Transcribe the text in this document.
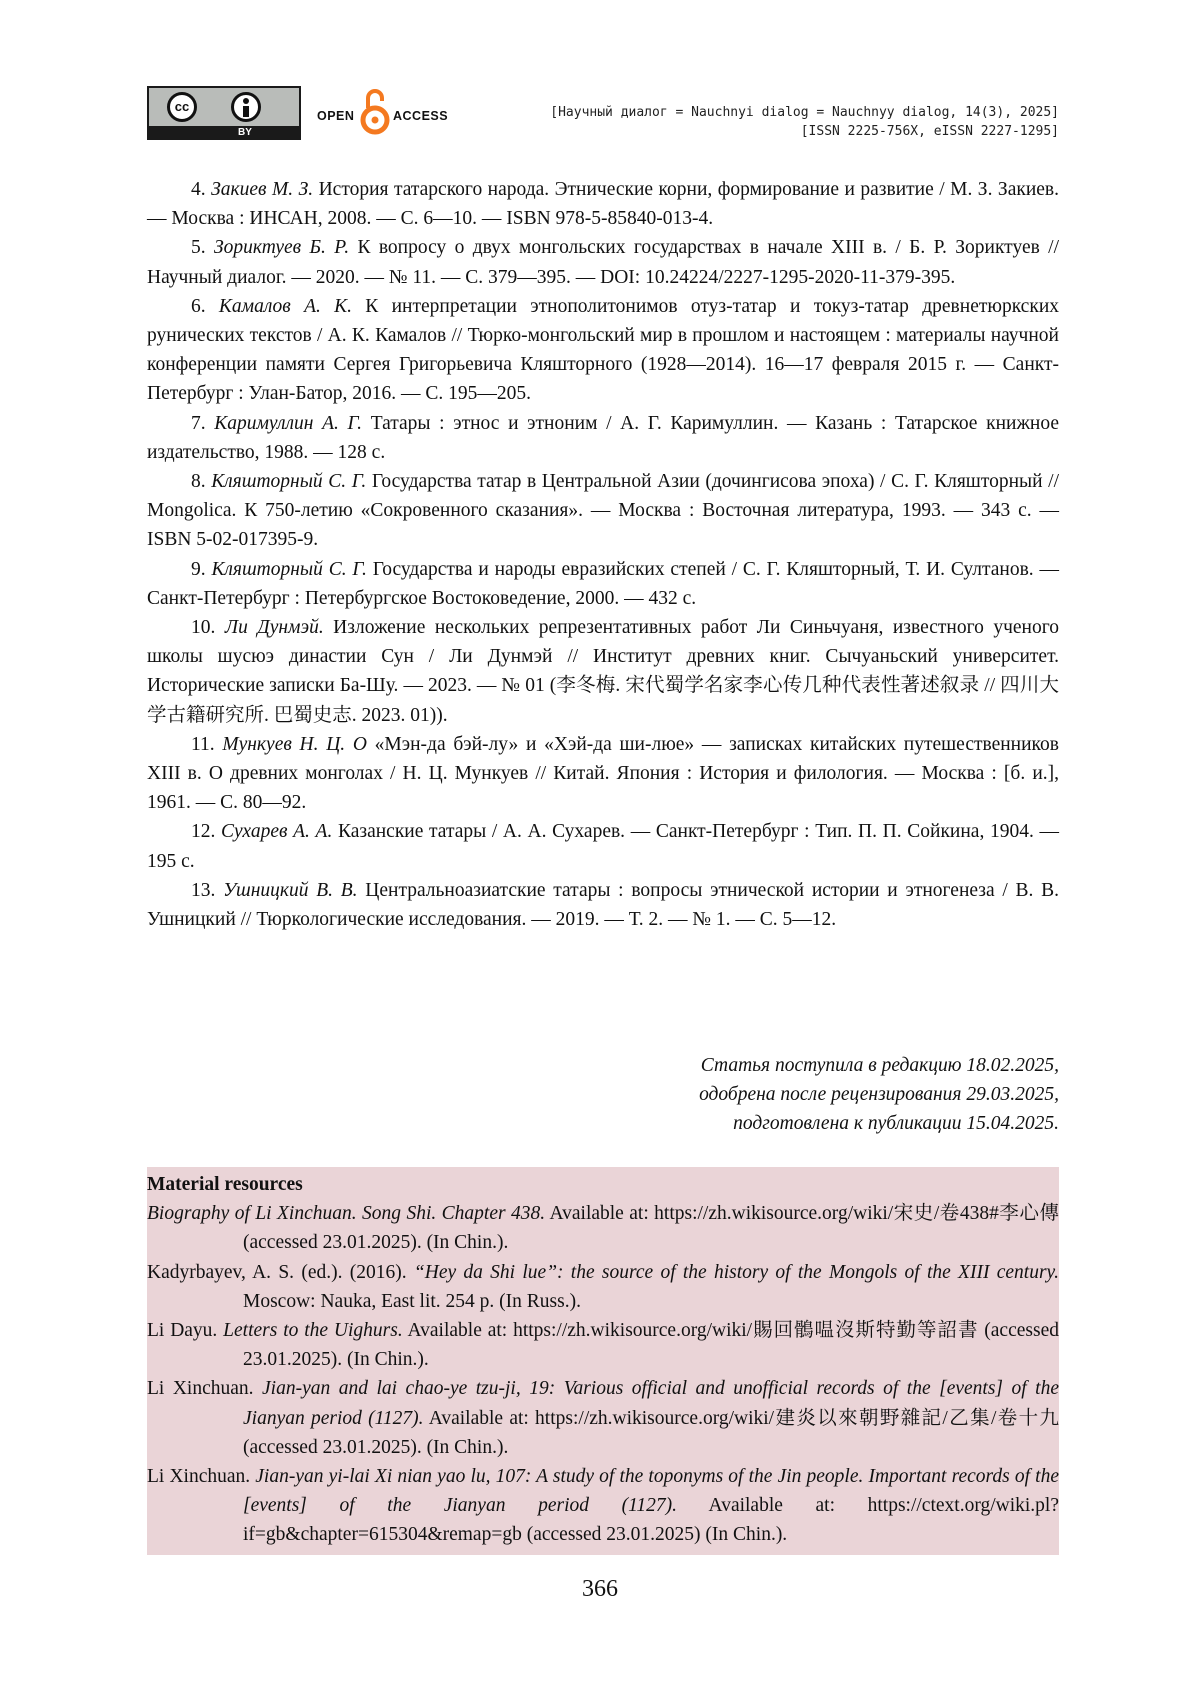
cc
BY
OPEN	ACCESS	[Научный диалог = Nauchnyi dialog = Nauchnyy dialog, 14(3), 2025]
[ISSN 2225-756X, eISSN 2227-1295]

4. Закиев М. З. История татарского народа. Этнические корни, формирование и развитие / М. З. Закиев. — Москва : ИНСАН, 2008. — С. 6—10. — ISBN 978-5-85840-013-4.

5. Зориктуев Б. Р. К вопросу о двух монгольских государствах в начале XIII в. / Б. Р. Зориктуев // Научный диалог. — 2020. — № 11. — С. 379—395. — DOI: 10.24224/2227-1295-2020-11-379-395.

6. Камалов А. К. К интерпретации этнополитонимов отуз-татар и токуз-татар древнетюркских рунических текстов / А. К. Камалов // Тюрко-монгольский мир в прошлом и настоящем : материалы научной конференции памяти Сергея Григорьевича Кляшторного (1928—2014). 16—17 февраля 2015 г. — Санкт-Петербург : Улан-Батор, 2016. — С. 195—205.

7. Каримуллин А. Г. Татары : этнос и этноним / А. Г. Каримуллин. — Казань : Татарское книжное издательство, 1988. — 128 с.

8. Кляшторный С. Г. Государства татар в Центральной Азии (дочингисова эпоха) / С. Г. Кляшторный // Mongolica. К 750-летию «Сокровенного сказания». — Москва : Восточная литература, 1993. — 343 с. — ISBN 5-02-017395-9.

9. Кляшторный С. Г. Государства и народы евразийских степей / С. Г. Кляшторный, Т. И. Султанов. — Санкт-Петербург : Петербургское Востоковедение, 2000. — 432 с.

10. Ли Дунмэй. Изложение нескольких репрезентативных работ Ли Синьчуаня, известного ученого школы шусюэ династии Сун / Ли Дунмэй // Институт древних книг. Сычуаньский университет. Исторические записки Ба-Шу. — 2023. — № 01 (李冬梅. 宋代蜀学名家李心传几种代表性著述叙录 // 四川大学古籍研究所. 巴蜀史志. 2023. 01)).

11. Мункуев Н. Ц. О «Мэн-да бэй-лу» и «Хэй-да ши-люе» — записках китайских путешественников XIII в. О древних монголах / Н. Ц. Мункуев // Китай. Япония : История и филология. — Москва : [б. и.], 1961. — С. 80—92.

12. Сухарев А. А. Казанские татары / А. А. Сухарев. — Санкт-Петербург : Тип. П. П. Сойкина, 1904. — 195 с.

13. Ушницкий В. В. Центральноазиатские татары : вопросы этнической истории и этногенеза / В. В. Ушницкий // Тюркологические исследования. — 2019. — Т. 2. — № 1. — С. 5—12.

Статья поступила в редакцию 18.02.2025,
одобрена после рецензирования 29.03.2025,
подготовлена к публикации 15.04.2025.

Material resources

Biography of Li Xinchuan. Song Shi. Chapter 438. Available at: https://zh.wikisource.org/wiki/宋史/卷438#李心傳 (accessed 23.01.2025). (In Chin.).

Kadyrbayev, A. S. (ed.). (2016). “Hey da Shi lue”: the source of the history of the Mongols of the XIII century. Moscow: Nauka, East lit. 254 p. (In Russ.).

Li Dayu. Letters to the Uighurs. Available at: https://zh.wikisource.org/wiki/賜回鶻嗢沒斯特勤等詔書 (accessed 23.01.2025). (In Chin.).

Li Xinchuan. Jian-yan and lai chao-ye tzu-ji, 19: Various official and unofficial records of the [events] of the Jianyan period (1127). Available at: https://zh.wikisource.org/wiki/建炎以來朝野雜記/乙集/卷十九 (accessed 23.01.2025). (In Chin.).

Li Xinchuan. Jian-yan yi-lai Xi nian yao lu, 107: A study of the toponyms of the Jin people. Important records of the [events] of the Jianyan period (1127). Available at: https://ctext.org/wiki.pl?if=gb&chapter=615304&remap=gb (accessed 23.01.2025) (In Chin.).

366
